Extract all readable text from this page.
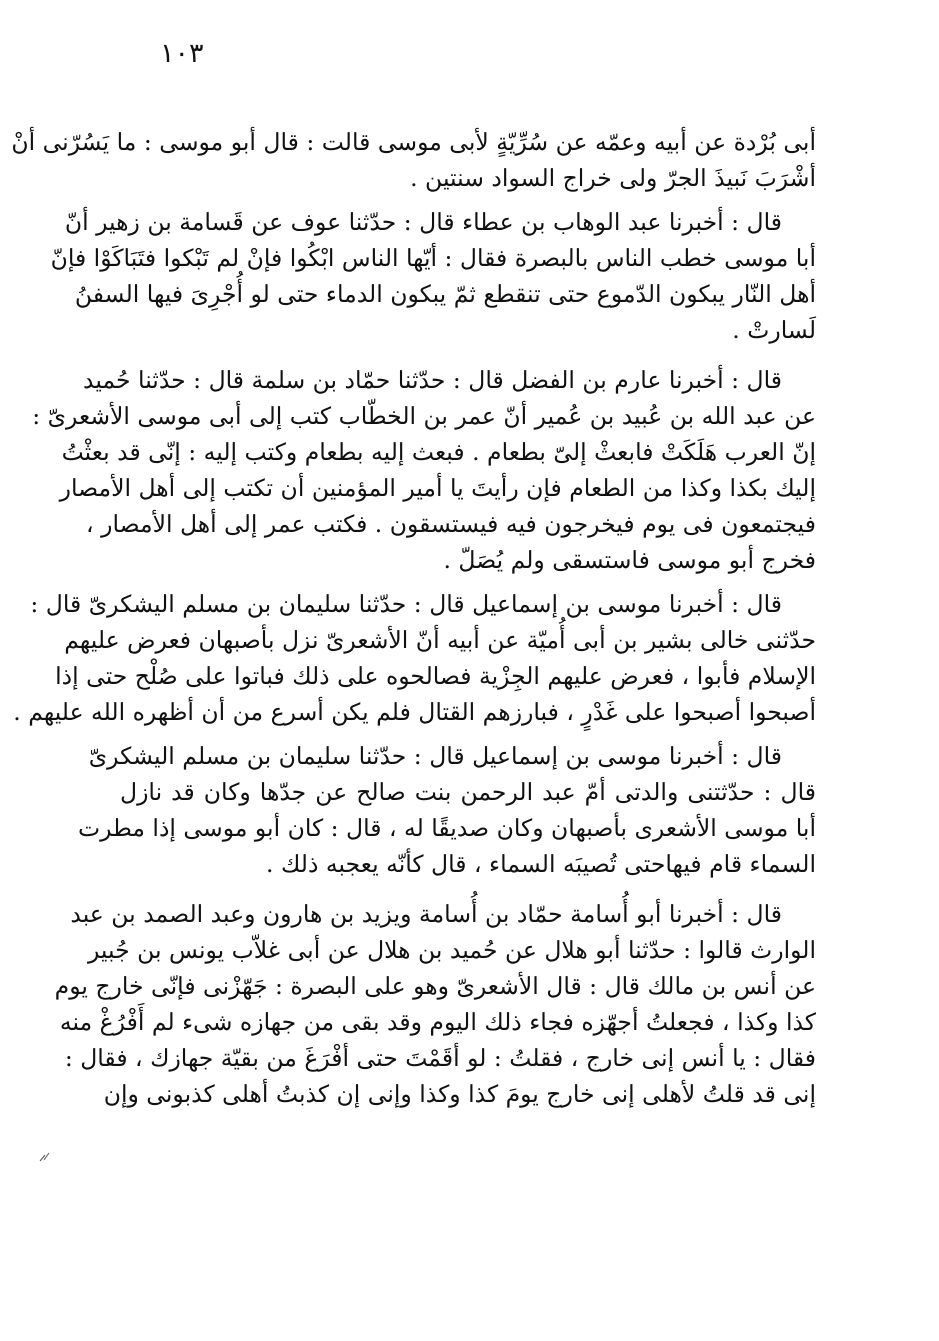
١٠٣
أبى بُرْدة عن أبيه وعمّه عن سُرِّيّةٍ لأبى موسى قالت : قال أبو موسى : ما يَسُرّنى أنْ
أشْرَبَ نَبيذَ الجرّ ولى خراج السواد سنتين .
قال : أخبرنا عبد الوهاب بن عطاء قال : حدّثنا عوف عن قَسامة بن زهير أنّ
أبا موسى خطب الناس بالبصرة فقال : أيّها الناس ابْكُوا فإنْ لم تَبْكوا فتَبَاكَوْا فإنّ
أهل النّار يبكون الدّموع حتى تنقطع ثمّ يبكون الدماء حتى لو أُجْرِىَ فيها السفنُ
لَسارتْ .
قال : أخبرنا عارم بن الفضل قال : حدّثنا حمّاد بن سلمة قال : حدّثنا حُميد
عن عبد الله بن عُبيد بن عُمير أنّ عمر بن الخطّاب كتب إلى أبى موسى الأشعرىّ :
إنّ العرب هَلَكَتْ فابعثْ إلىّ بطعام . فبعث إليه بطعام وكتب إليه : إنّى قد بعثْتُ
إليك بكذا وكذا من الطعام فإن رأيتَ يا أمير المؤمنين أن تكتب إلى أهل الأمصار
فيجتمعون فى يوم فيخرجون فيه فيستسقون . فكتب عمر إلى أهل الأمصار ،
فخرج أبو موسى فاستسقى ولم يُصَلّ .
قال : أخبرنا موسى بن إسماعيل قال : حدّثنا سليمان بن مسلم اليشكرىّ قال :
حدّثنى خالى بشير بن أبى أُميّة عن أبيه أنّ الأشعرىّ نزل بأصبهان فعرض عليهم
الإسلام فأبوا ، فعرض عليهم الجِزْية فصالحوه على ذلك فباتوا على صُلْح حتى إذا
أصبحوا أصبحوا على غَدْرٍ ، فبارزهم القتال فلم يكن أسرع من أن أظهره الله عليهم .
قال : أخبرنا موسى بن إسماعيل قال : حدّثنا سليمان بن مسلم اليشكرىّ
قال : حدّثتنى والدتى أمّ عبد الرحمن بنت صالح عن جدّها وكان قد نازل
أبا موسى الأشعرى بأصبهان وكان صديقًا له ، قال : كان أبو موسى إذا مطرت
السماء قام فيهاحتى تُصيبَه السماء ، قال كأنّه يعجبه ذلك .
قال : أخبرنا أبو أُسامة حمّاد بن أُسامة ويزيد بن هارون وعبد الصمد بن عبد
الوارث قالوا : حدّثنا أبو هلال عن حُميد بن هلال عن أبى غلاّب يونس بن جُبير
عن أنس بن مالك قال : قال الأشعرىّ وهو على البصرة : جَهّزْنى فإنّى خارج يوم
كذا وكذا ، فجعلتُ أجهّزه فجاء ذلك اليوم وقد بقى من جهازه شىء لم أَفْرُغْ منه
فقال : يا أنس إنى خارج ، فقلتُ : لو أقَمْتَ حتى أفْرَغَ من بقيّة جهازك ، فقال :
إنى قد قلتُ لأهلى إنى خارج يومَ كذا وكذا وإنى إن كذبتُ أهلى كذبونى وإن
